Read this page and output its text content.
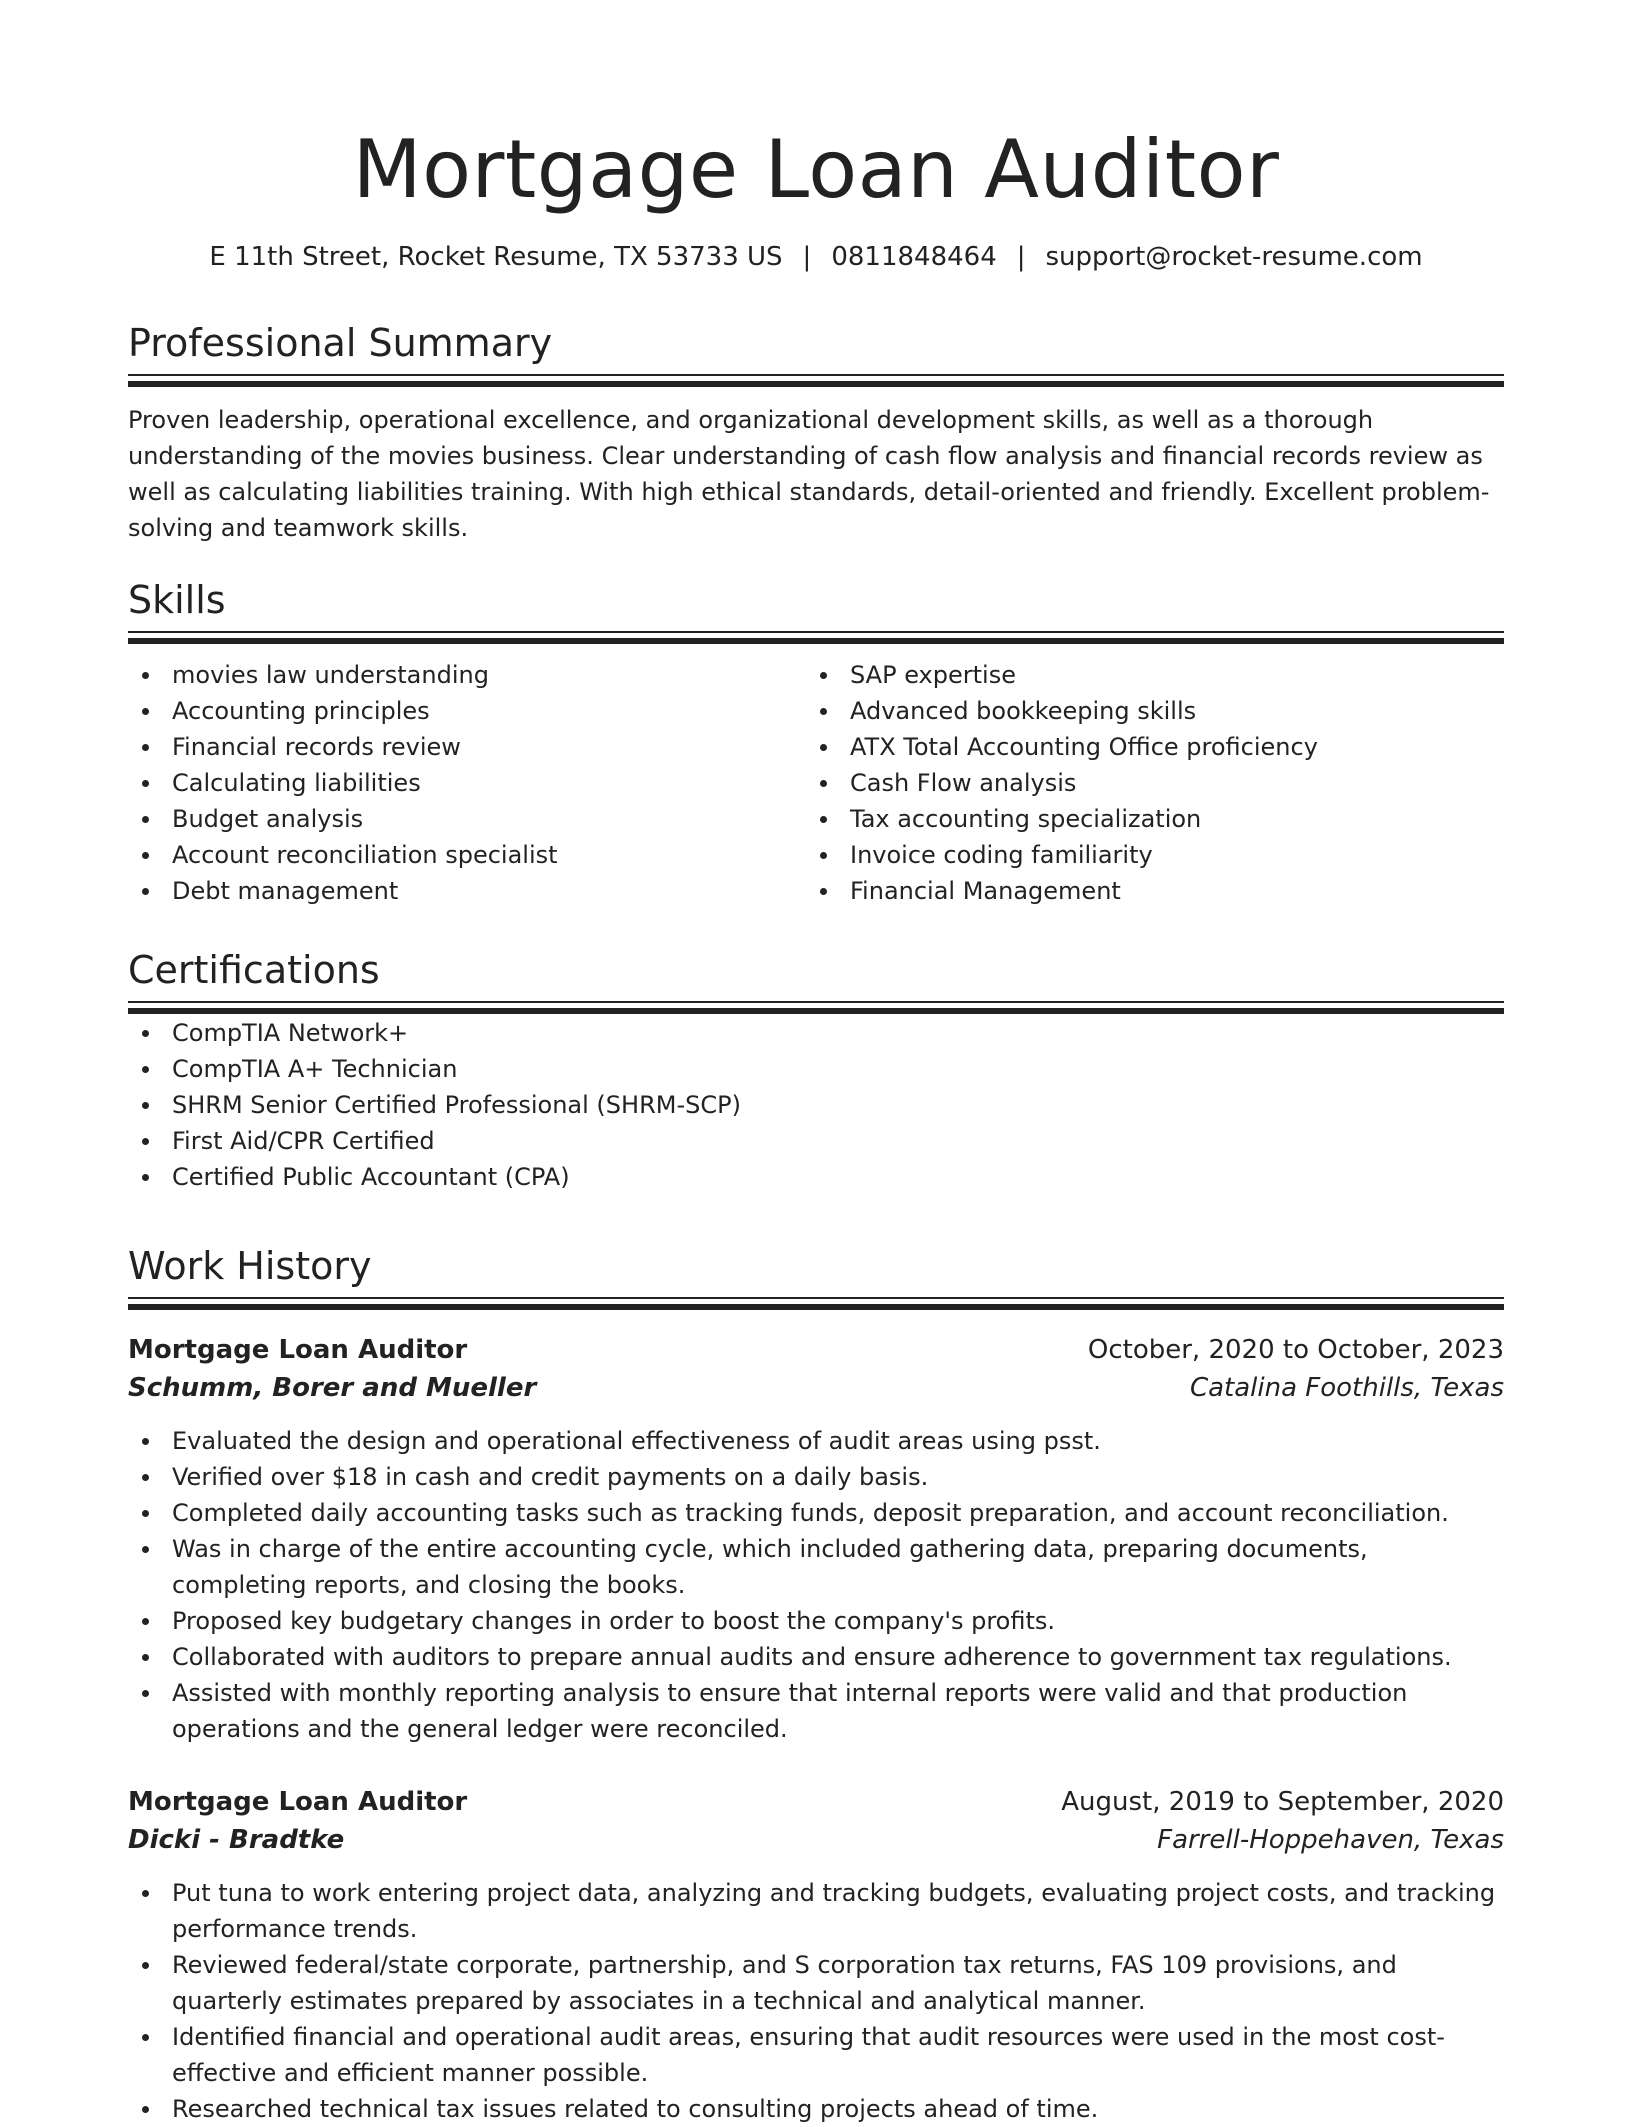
Mortgage Loan Auditor
E 11th Street, Rocket Resume, TX 53733 US | 0811848464 | support@rocket-resume.com
Professional Summary

Proven leadership, operational excellence, and organizational development skills, as well as a thorough understanding of the movies business. Clear understanding of cash flow analysis and financial records review as well as calculating liabilities training. With high ethical standards, detail-oriented and friendly. Excellent problem-solving and teamwork skills.

Skills
movies law understanding
Accounting principles
Financial records review
Calculating liabilities
Budget analysis
Account reconciliation specialist
Debt management
SAP expertise
Advanced bookkeeping skills
ATX Total Accounting Office proficiency
Cash Flow analysis
Tax accounting specialization
Invoice coding familiarity
Financial Management
Certifications
CompTIA Network+
CompTIA A+ Technician
SHRM Senior Certified Professional (SHRM-SCP)
First Aid/CPR Certified
Certified Public Accountant (CPA)
Work History
Mortgage Loan Auditor	October, 2020 to October, 2023
Schumm, Borer and Mueller	Catalina Foothills, Texas
Evaluated the design and operational effectiveness of audit areas using psst.
Verified over $18 in cash and credit payments on a daily basis.
Completed daily accounting tasks such as tracking funds, deposit preparation, and account reconciliation.
Was in charge of the entire accounting cycle, which included gathering data, preparing documents, completing reports, and closing the books.
Proposed key budgetary changes in order to boost the company's profits.
Collaborated with auditors to prepare annual audits and ensure adherence to government tax regulations.
Assisted with monthly reporting analysis to ensure that internal reports were valid and that production operations and the general ledger were reconciled.
Mortgage Loan Auditor	August, 2019 to September, 2020
Dicki - Bradtke	Farrell-Hoppehaven, Texas
Put tuna to work entering project data, analyzing and tracking budgets, evaluating project costs, and tracking performance trends.
Reviewed federal/state corporate, partnership, and S corporation tax returns, FAS 109 provisions, and quarterly estimates prepared by associates in a technical and analytical manner.
Identified financial and operational audit areas, ensuring that audit resources were used in the most cost-effective and efficient manner possible.
Researched technical tax issues related to consulting projects ahead of time.
